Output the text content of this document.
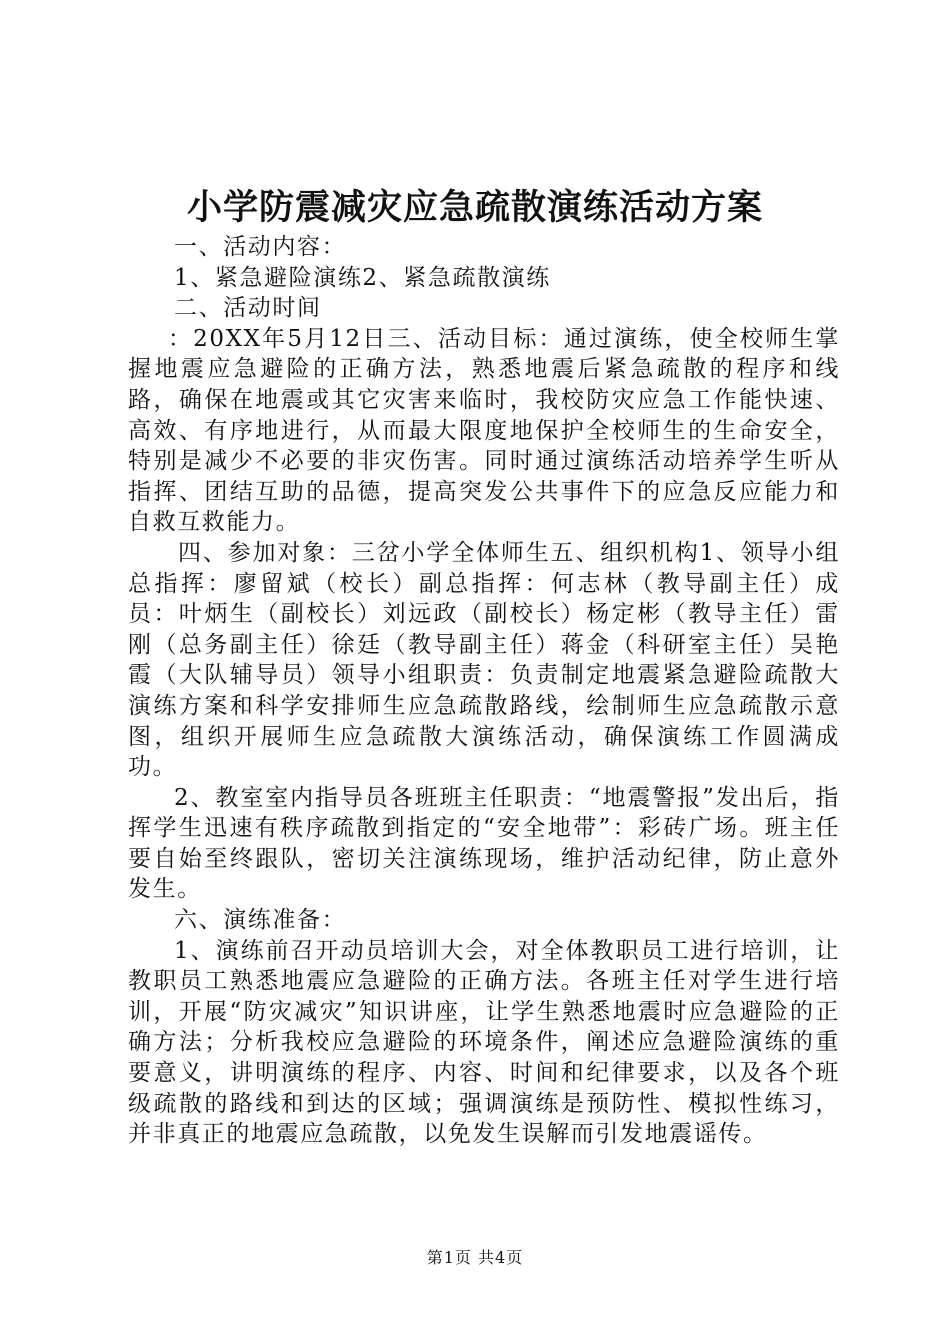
小学防震减灾应急疏散演练活动方案

一、活动内容：

1、紧急避险演练2、紧急疏散演练

二、活动时间

：20XX年5月12日三、活动目标：通过演练，使全校师生掌握地震应急避险的正确方法，熟悉地震后紧急疏散的程序和线路，确保在地震或其它灾害来临时，我校防灾应急工作能快速、高效、有序地进行，从而最大限度地保护全校师生的生命安全，特别是减少不必要的非灾伤害。同时通过演练活动培养学生听从指挥、团结互助的品德，提高突发公共事件下的应急反应能力和自救互救能力。

四、参加对象：三岔小学全体师生五、组织机构1、领导小组总指挥：廖留斌（校长）副总指挥：何志林（教导副主任）成员：叶炳生（副校长）刘远政（副校长）杨定彬（教导主任）雷刚（总务副主任）徐廷（教导副主任）蒋金（科研室主任）吴艳霞（大队辅导员）领导小组职责：负责制定地震紧急避险疏散大演练方案和科学安排师生应急疏散路线，绘制师生应急疏散示意图，组织开展师生应急疏散大演练活动，确保演练工作圆满成功。

2、教室室内指导员各班班主任职责：“地震警报”发出后，指挥学生迅速有秩序疏散到指定的“安全地带”：彩砖广场。班主任要自始至终跟队，密切关注演练现场，维护活动纪律，防止意外发生。

六、演练准备：

1、演练前召开动员培训大会，对全体教职员工进行培训，让教职员工熟悉地震应急避险的正确方法。各班主任对学生进行培训，开展“防灾减灾”知识讲座，让学生熟悉地震时应急避险的正确方法；分析我校应急避险的环境条件，阐述应急避险演练的重要意义，讲明演练的程序、内容、时间和纪律要求，以及各个班级疏散的路线和到达的区域；强调演练是预防性、模拟性练习，并非真正的地震应急疏散，以免发生误解而引发地震谣传。

第1页 共4页
